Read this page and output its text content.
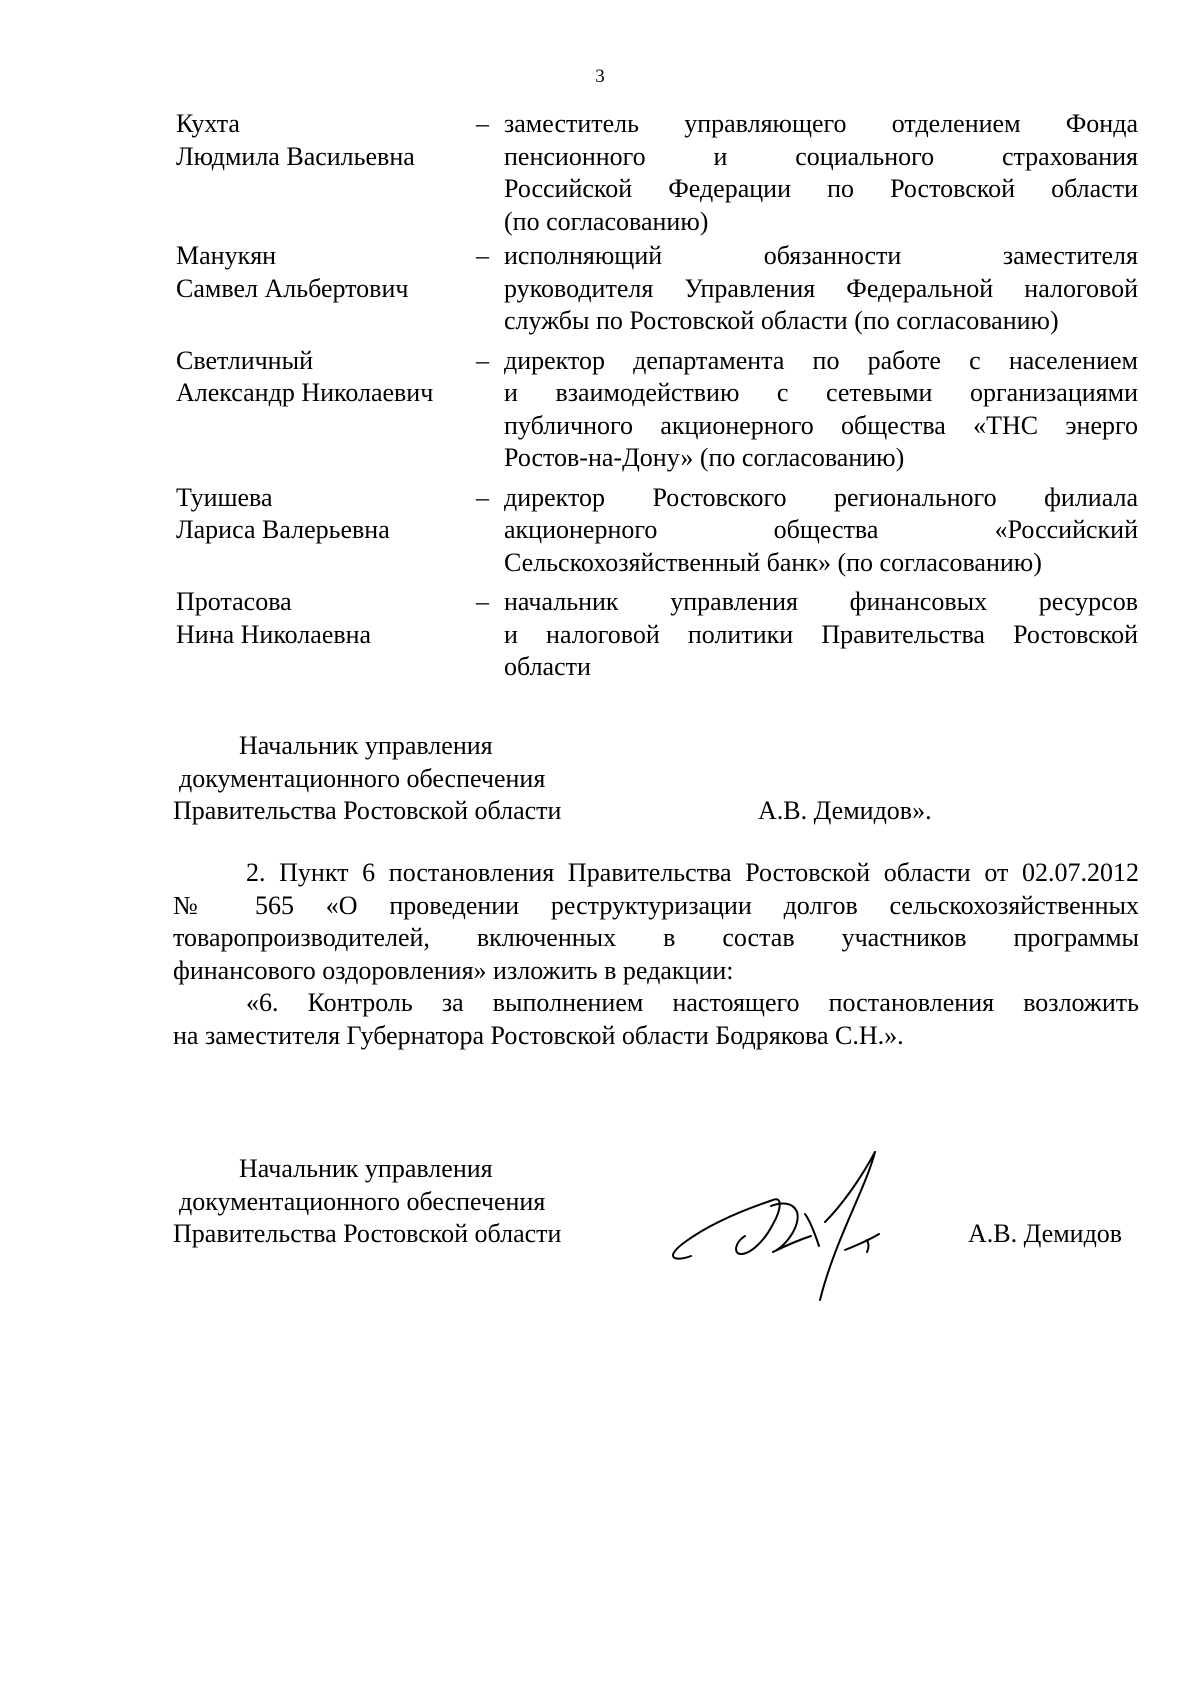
3
Кухта
Людмила Васильевна
– заместитель управляющего отделением Фонда
пенсионного и социального страхования
Российской Федерации по Ростовской области
(по согласованию)
Манукян
Самвел Альбертович
– исполняющий обязанности заместителя
руководителя Управления Федеральной налоговой
службы по Ростовской области (по согласованию)
Светличный
Александр Николаевич
– директор департамента по работе с населением
и взаимодействию с сетевыми организациями
публичного акционерного общества «ТНС энерго
Ростов-на-Дону» (по согласованию)
Туишева
Лариса Валерьевна
– директор Ростовского регионального филиала
акционерного общества «Российский
Сельскохозяйственный банк» (по согласованию)
Протасова
Нина Николаевна
– начальник управления финансовых ресурсов
и налоговой политики Правительства Ростовской
области
Начальник управления
документационного обеспечения
Правительства Ростовской области	А.В. Демидов».
2. Пункт 6 постановления Правительства Ростовской области от 02.07.2012
№ 565 «О проведении реструктуризации долгов сельскохозяйственных
товаропроизводителей, включенных в состав участников программы
финансового оздоровления» изложить в редакции:
«6. Контроль за выполнением настоящего постановления возложить
на заместителя Губернатора Ростовской области Бодрякова С.Н.».
Начальник управления
документационного обеспечения
Правительства Ростовской области	А.В. Демидов
